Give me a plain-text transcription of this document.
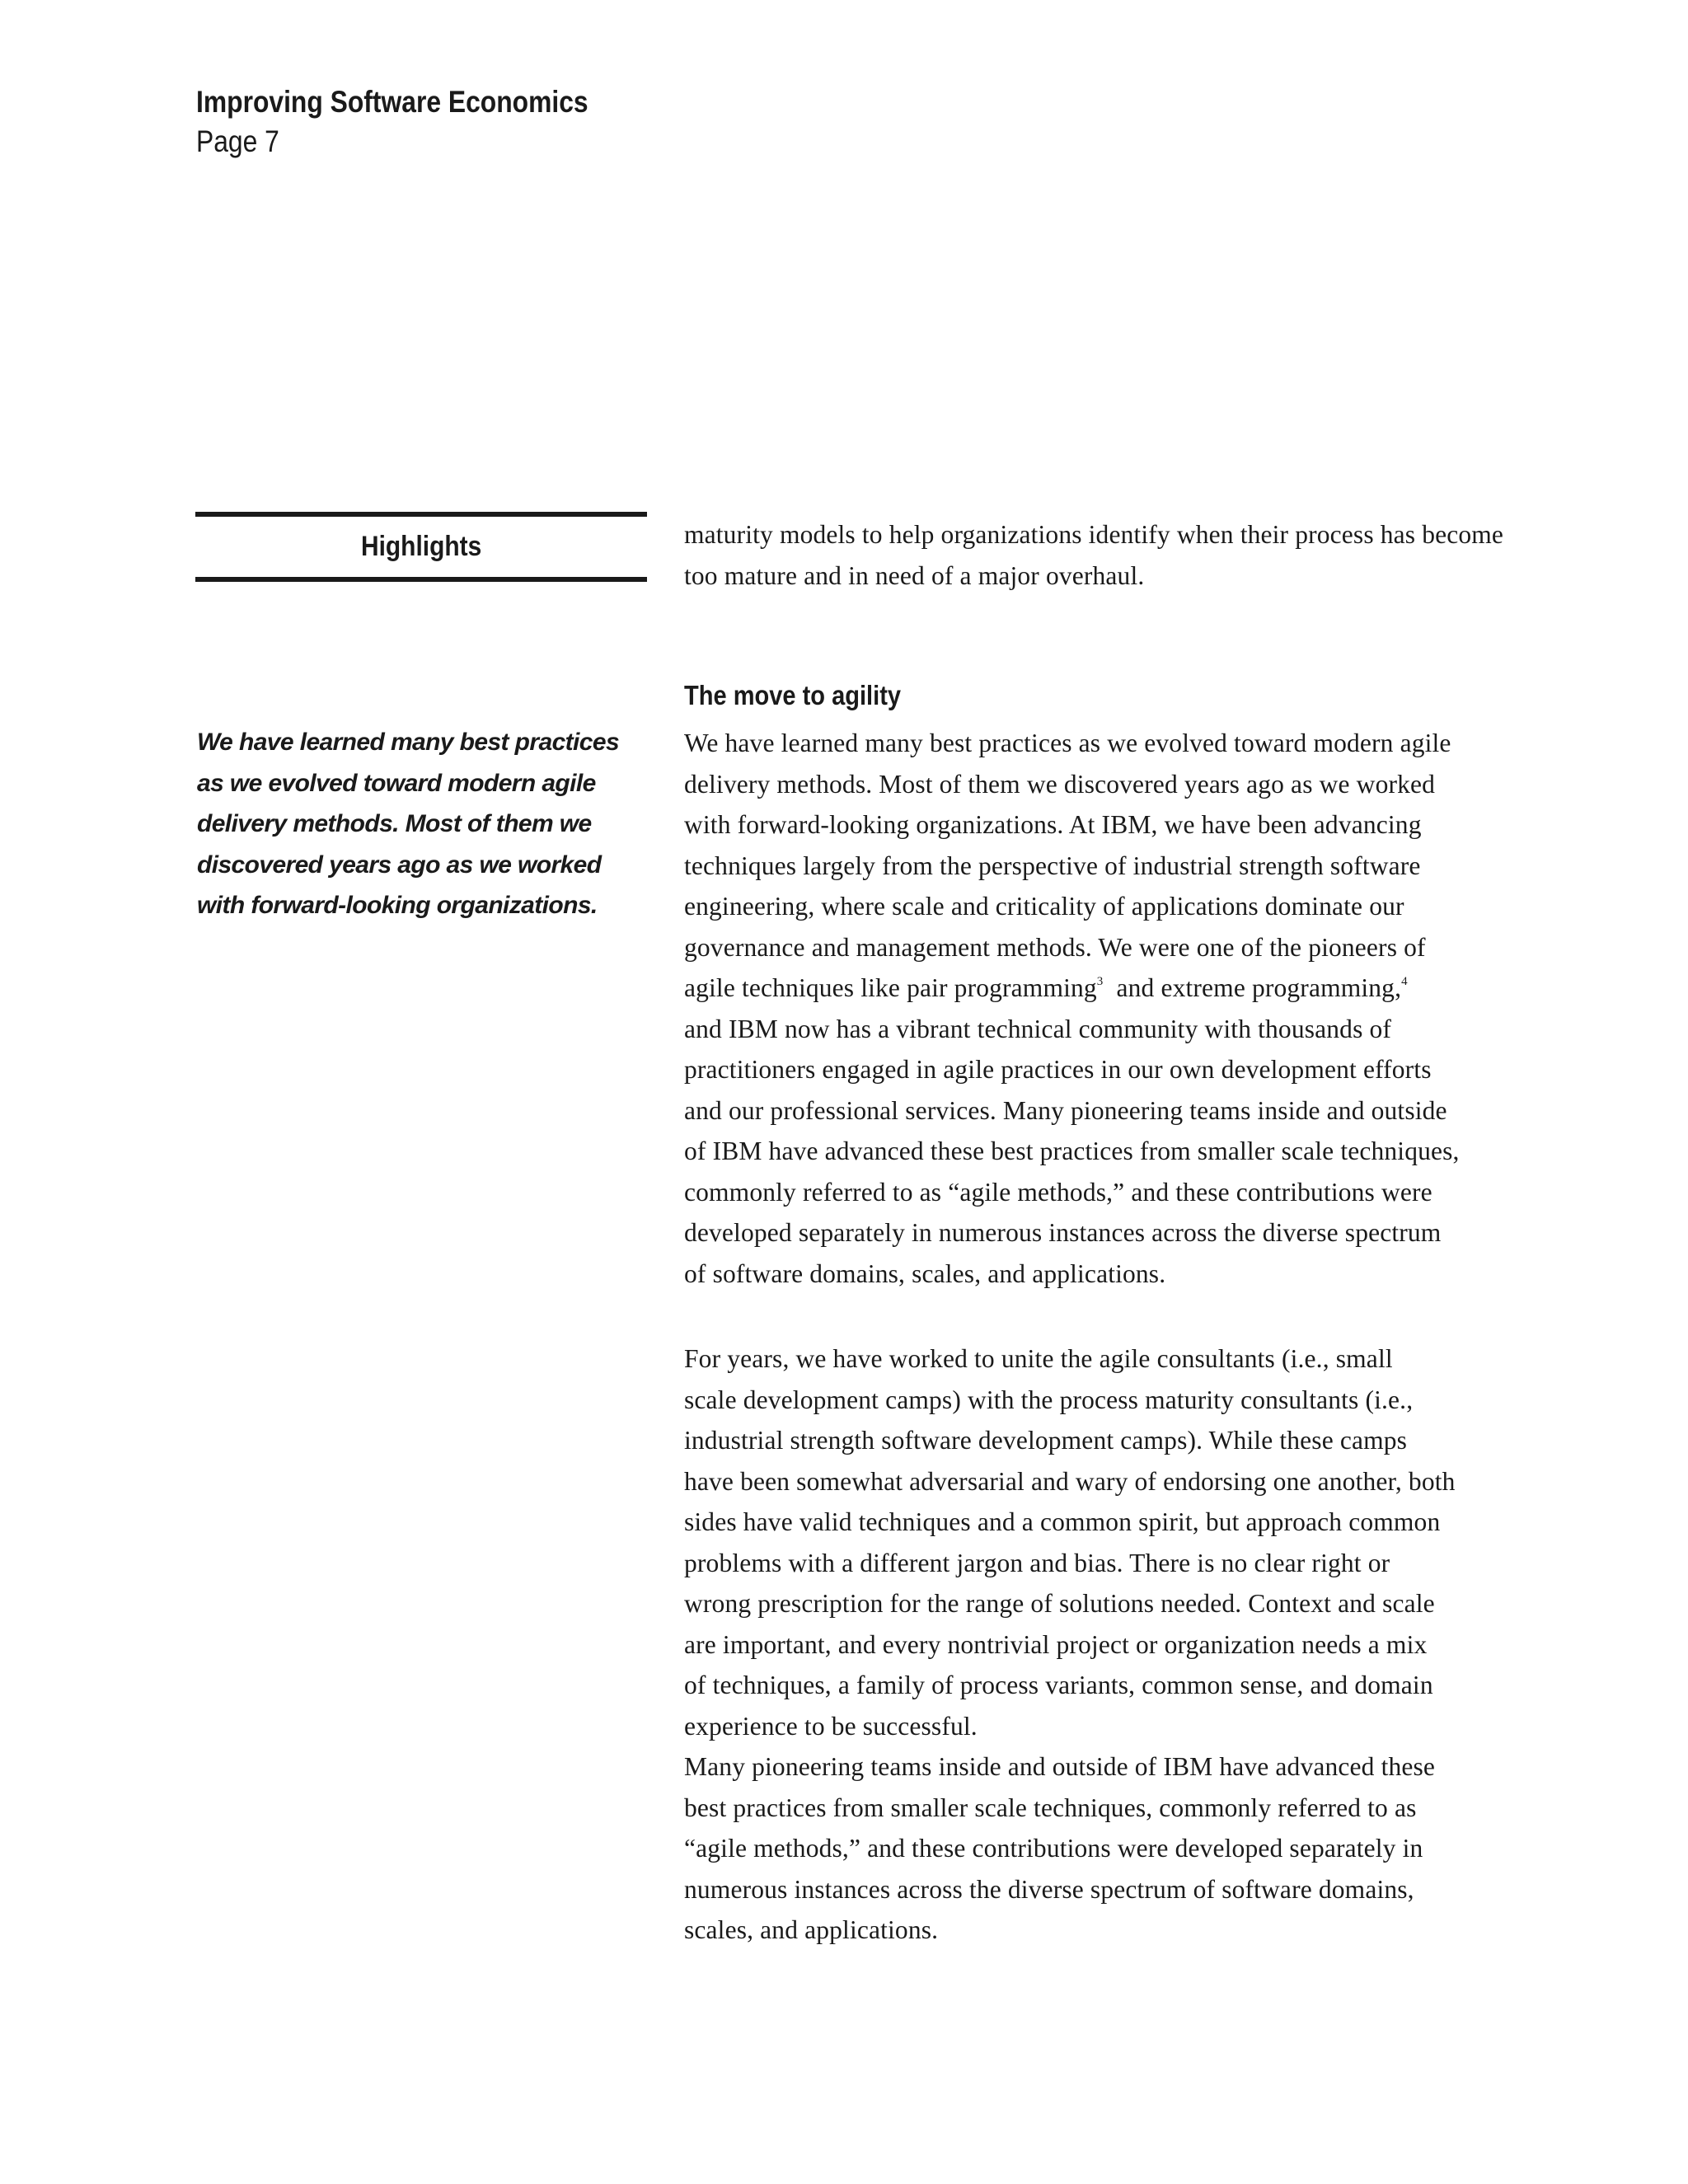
Improving Software Economics
Page 7
Highlights
We have learned many best practices
as we evolved toward modern agile
delivery methods. Most of them we
discovered years ago as we worked
with forward-looking organizations.
maturity models to help organizations identify when their process has become
too mature and in need of a major overhaul.
The move to agility
We have learned many best practices as we evolved toward modern agile
delivery methods. Most of them we discovered years ago as we worked
with forward-looking organizations. At IBM, we have been advancing
techniques largely from the perspective of industrial strength software
engineering, where scale and criticality of applications dominate our
governance and management methods. We were one of the pioneers of
agile techniques like pair programming$^3$  and extreme programming,$^4$
and IBM now has a vibrant technical community with thousands of
practitioners engaged in agile practices in our own development efforts
and our professional services. Many pioneering teams inside and outside
of IBM have advanced these best practices from smaller scale techniques,
commonly referred to as “agile methods,” and these contributions were
developed separately in numerous instances across the diverse spectrum
of software domains, scales, and applications.
For years, we have worked to unite the agile consultants (i.e., small
scale development camps) with the process maturity consultants (i.e.,
industrial strength software development camps). While these camps
have been somewhat adversarial and wary of endorsing one another, both
sides have valid techniques and a common spirit, but approach common
problems with a different jargon and bias. There is no clear right or
wrong prescription for the range of solutions needed. Context and scale
are important, and every nontrivial project or organization needs a mix
of techniques, a family of process variants, common sense, and domain
experience to be successful.
Many pioneering teams inside and outside of IBM have advanced these
best practices from smaller scale techniques, commonly referred to as
“agile methods,” and these contributions were developed separately in
numerous instances across the diverse spectrum of software domains,
scales, and applications.
